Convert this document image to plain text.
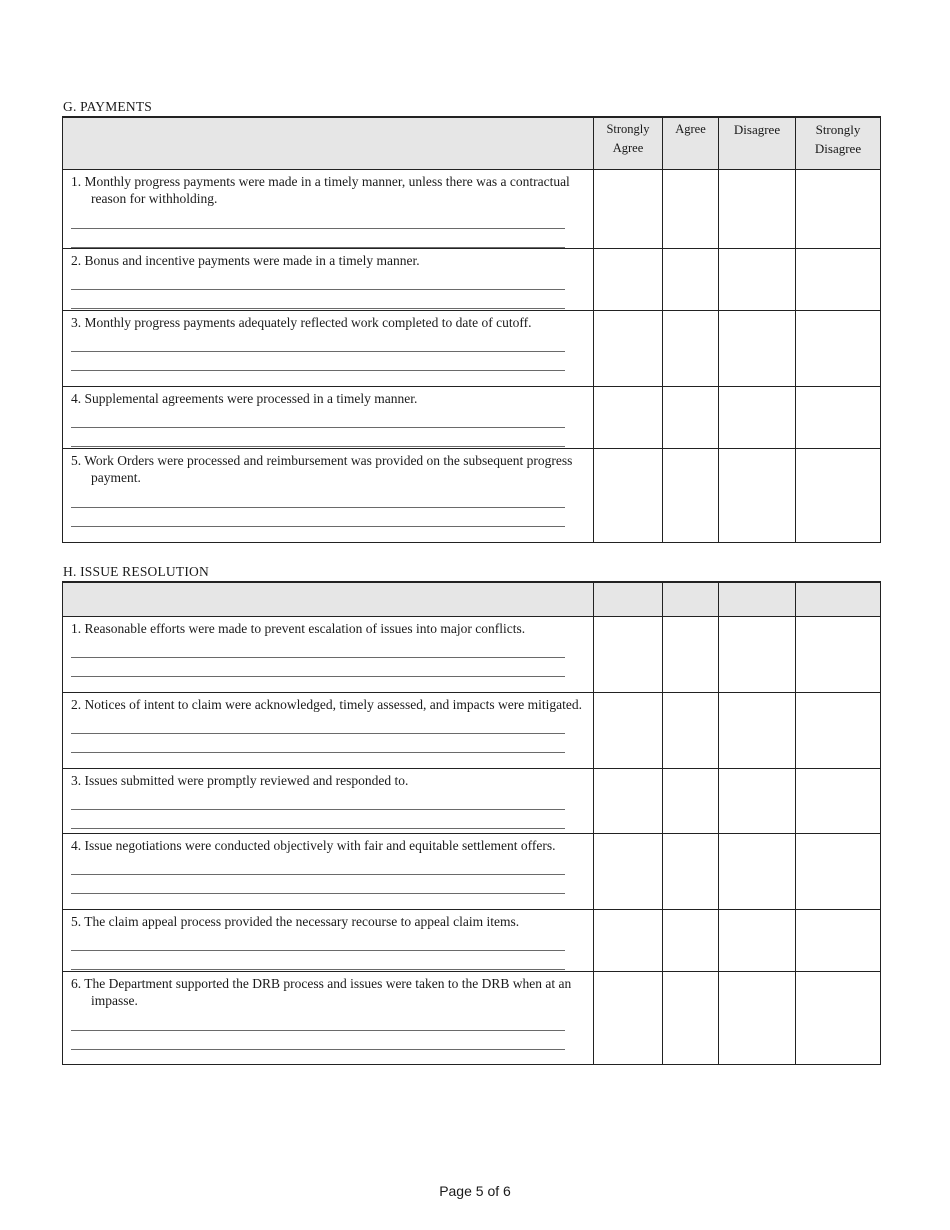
G. PAYMENTS
	Strongly Agree	Agree	Disagree	Strongly Disagree

1. Monthly progress payments were made in a timely manner, unless there was a contractual reason for withholding.				

2. Bonus and incentive payments were made in a timely manner.				

3. Monthly progress payments adequately reflected work completed to date of cutoff.				

4. Supplemental agreements were processed in a timely manner.				

5. Work Orders were processed and reimbursement was provided on the subsequent progress payment.				

H. ISSUE RESOLUTION

1. Reasonable efforts were made to prevent escalation of issues into major conflicts.				

2. Notices of intent to claim were acknowledged, timely assessed, and impacts were mitigated.				

3. Issues submitted were promptly reviewed and responded to.				

4. Issue negotiations were conducted objectively with fair and equitable settlement offers.				

5. The claim appeal process provided the necessary recourse to appeal claim items.				

6. The Department supported the DRB process and issues were taken to the DRB when at an impasse.				

Page 5 of 6
